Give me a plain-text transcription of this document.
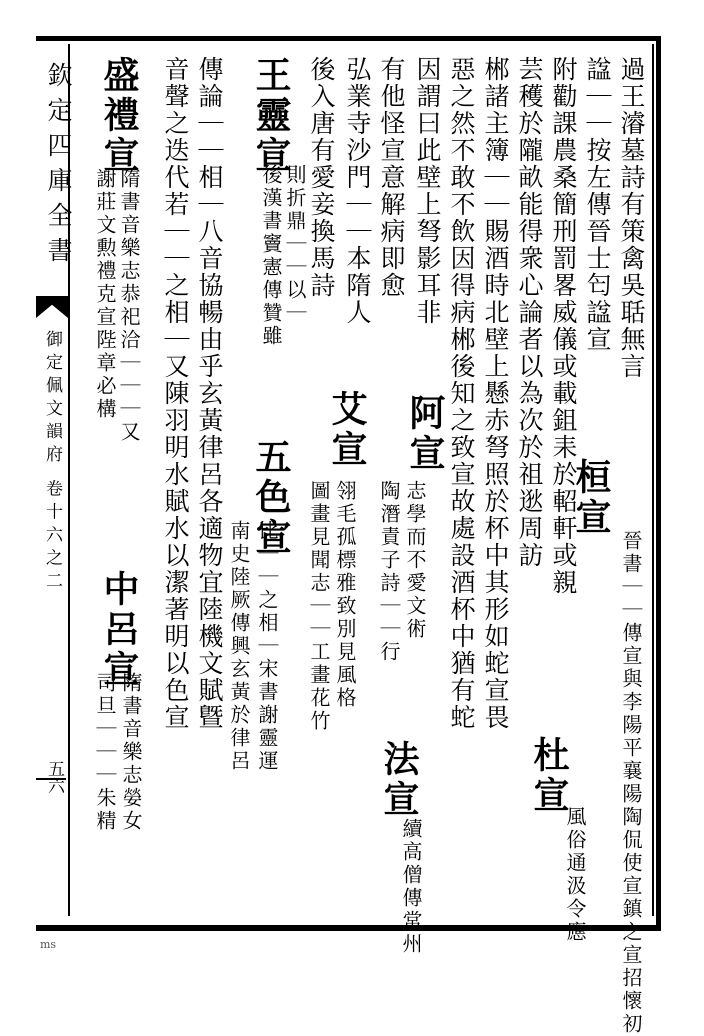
欽定四庫全書
御定佩文韻府 卷十六之二
五六
過王濬墓詩有策禽吳聒無言
諡｜｜按左傳晉士匄諡宣
附勸課農桑簡刑罰畧威儀或載鉏耒於軺軒或親
芸穫於隴畝能得衆心論者以為次於祖逖周訪 桓宣
晉書｜｜傳宣與李陽平襄陽陶侃使宣鎮之宣招懷初
杜宣
風俗通汲令應
郴諸主簿｜｜賜酒時北壁上懸赤弩照於杯中其形如蛇宣畏
惡之然不敢不飲因得病郴後知之致宣故處設酒杯中猶有蛇
因謂曰此壁上弩影耳非
阿宣
陶潛責子詩｜｜行 志學而不愛文術
法宣
續高僧傳常州
有他怪宣意解病即愈
弘業寺沙門｜｜本隋人
艾宣
圖畫見聞志｜｜工畫花竹 翎毛孤標雅致別見風格
後入唐有愛妾換馬詩
王靈宣
後漢書竇憲傳贊雖 則折鼎｜｜以｜
五色宣
南史陸厥傳興玄黃於律呂 比｜｜之相｜宋書謝靈運
傳論｜｜相｜八音協暢由乎玄黃律呂各適物宜陸機文賦曁
音聲之迭代若｜｜之相｜又陳羽明水賦水以潔著明以色宣
盛禮宣
隋書音樂志恭祀洽｜｜｜又
謝莊文勲禮克宣陛章必構
中呂宣
隋書音樂志嫈女
司旦｜｜｜朱精
ms
